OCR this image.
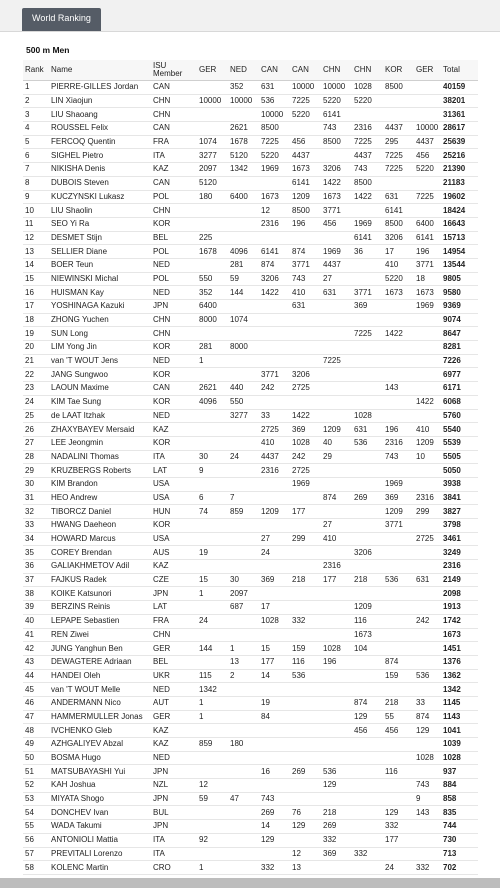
World Ranking
500 m Men
Rank	Name	ISU Member	GER	NED	CAN	CAN	CHN	CHN	KOR	GER	Total
1	PIERRE-GILLES Jordan	CAN		352	631	10000	10000	1028	8500		40159
2	LIN Xiaojun	CHN	10000	10000	536	7225	5220	5220			38201
3	LIU Shaoang	CHN			10000	5220	6141				31361
4	ROUSSEL Felix	CAN		2621	8500		743	2316	4437	10000	28617
5	FERCOQ Quentin	FRA	1074	1678	7225	456	8500	7225	295	4437	25639
6	SIGHEL Pietro	ITA	3277	5120	5220	4437		4437	7225	456	25216
7	NIKISHA Denis	KAZ	2097	1342	1969	1673	3206	743	7225	5220	21390
8	DUBOIS Steven	CAN	5120			6141	1422	8500			21183
9	KUCZYNSKI Lukasz	POL	180	6400	1673	1209	1673	1422	631	7225	19602
10	LIU Shaolin	CHN			12	8500	3771		6141		18424
11	SEO Yi Ra	KOR			2316	196	456	1969	8500	6400	16643
12	DESMET Stijn	BEL	225					6141	3206	6141	15713
13	SELLIER Diane	POL	1678	4096	6141	874	1969	36	17	196	14954
14	BOER Teun	NED		281	874	3771	4437		410	3771	13544
15	NIEWINSKI Michal	POL	550	59	3206	743	27		5220	18	9805
16	HUISMAN Kay	NED	352	144	1422	410	631	3771	1673	1673	9580
17	YOSHINAGA Kazuki	JPN	6400			631		369		1969	9369
18	ZHONG Yuchen	CHN	8000	1074							9074
19	SUN Long	CHN						7225	1422		8647
20	LIM Yong Jin	KOR	281	8000							8281
21	van 'T WOUT Jens	NED	1				7225				7226
22	JANG Sungwoo	KOR			3771	3206					6977
23	LAOUN Maxime	CAN	2621	440	242	2725			143		6171
24	KIM Tae Sung	KOR	4096	550						1422	6068
25	de LAAT Itzhak	NED		3277	33	1422		1028			5760
26	ZHAXYBAYEV Mersaid	KAZ			2725	369	1209	631	196	410	5540
27	LEE Jeongmin	KOR			410	1028	40	536	2316	1209	5539
28	NADALINI Thomas	ITA	30	24	4437	242	29		743	10	5505
29	KRUZBERGS Roberts	LAT	9		2316	2725					5050
30	KIM Brandon	USA				1969			1969		3938
31	HEO Andrew	USA	6	7			874	269	369	2316	3841
32	TIBORCZ Daniel	HUN	74	859	1209	177			1209	299	3827
33	HWANG Daeheon	KOR					27		3771		3798
34	HOWARD Marcus	USA			27	299	410			2725	3461
35	COREY Brendan	AUS	19		24			3206			3249
36	GALIAKHMETOV Adil	KAZ					2316				2316
37	FAJKUS Radek	CZE	15	30	369	218	177	218	536	631	2149
38	KOIKE Katsunori	JPN	1	2097							2098
39	BERZINS Reinis	LAT		687	17			1209			1913
40	LEPAPE Sebastien	FRA	24		1028	332		116		242	1742
41	REN Ziwei	CHN						1673			1673
42	JUNG Yanghun Ben	GER	144	1	15	159	1028	104			1451
43	DEWAGTERE Adriaan	BEL		13	177	116	196		874		1376
44	HANDEI Oleh	UKR	115	2	14	536			159	536	1362
45	van 'T WOUT Melle	NED	1342								1342
46	ANDERMANN Nico	AUT	1		19			874	218	33	1145
47	HAMMERMULLER Jonas	GER	1		84			129	55	874	1143
48	IVCHENKO Gleb	KAZ						456	456	129	1041
49	AZHGALIYEV Abzal	KAZ	859	180							1039
50	BOSMA Hugo	NED								1028	1028
51	MATSUBAYASHI Yui	JPN			16	269	536		116		937
52	KAH Joshua	NZL	12				129			743	884
53	MIYATA Shogo	JPN	59	47	743					9	858
54	DONCHEV Ivan	BUL			269	76	218		129	143	835
55	WADA Takumi	JPN			14	129	269		332		744
56	ANTONIOLI Mattia	ITA	92		129		332		177		730
57	PREVITALI Lorenzo	ITA				12	369	332			713
58	KOLENC Martin	CRO	1		332	13			24	332	702
